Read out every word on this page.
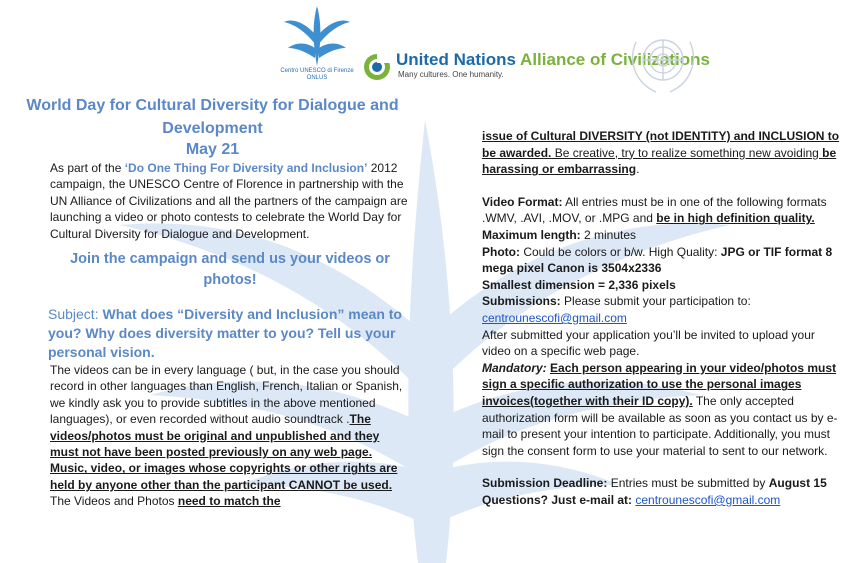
Centro UNESCO di Firenze
ONLUS
United Nations Alliance of Civilizations
Many cultures. One humanity.
World Day for Cultural Diversity for Dialogue and Development
May 21

As part of the ‘Do One Thing For Diversity and Inclusion’ 2012 campaign, the UNESCO Centre of Florence in partnership with the UN Alliance of Civilizations and all the partners of the campaign are launching a video or photo contests to celebrate the World Day for Cultural Diversity for Dialogue and Development.

Join the campaign and send us your videos or photos!
Subject: What does “Diversity and Inclusion” mean to you? Why does diversity matter to you? Tell us your personal vision.

The videos can be in every language ( but, in the case you should record in other languages than English, French, Italian or Spanish, we kindly ask you to provide subtitles in the above mentioned languages), or even recorded without audio soundtrack .The videos/photos must be original and unpublished and they must not have been posted previously on any web page. Music, video, or images whose copyrights or other rights are held by anyone other than the participant CANNOT be used. The Videos and Photos need to match the

issue of Cultural DIVERSITY (not IDENTITY) and INCLUSION to be awarded. Be creative, try to realize something new avoiding be harassing or embarrassing.

Video Format: All entries must be in one of the following formats .WMV, .AVI, .MOV, or .MPG and be in high definition quality.

Maximum length: 2 minutes

Photo: Could be colors or b/w. High Quality: JPG or TIF format 8 mega pixel Canon is 3504x2336

Smallest dimension = 2,336 pixels

Submissions: Please submit your participation to:

centrounescofi@gmail.com

After submitted your application you’ll be invited to upload your video on a specific web page.

Mandatory: Each person appearing in your video/photos must sign a specific authorization to use the personal images invoices(together with their ID copy). The only accepted authorization form will be available as soon as you contact us by e-mail to present your intention to participate. Additionally, you must sign the consent form to use your material to sent to our network.

Submission Deadline: Entries must be submitted by August 15

Questions? Just e-mail at: centrounescofi@gmail.com
